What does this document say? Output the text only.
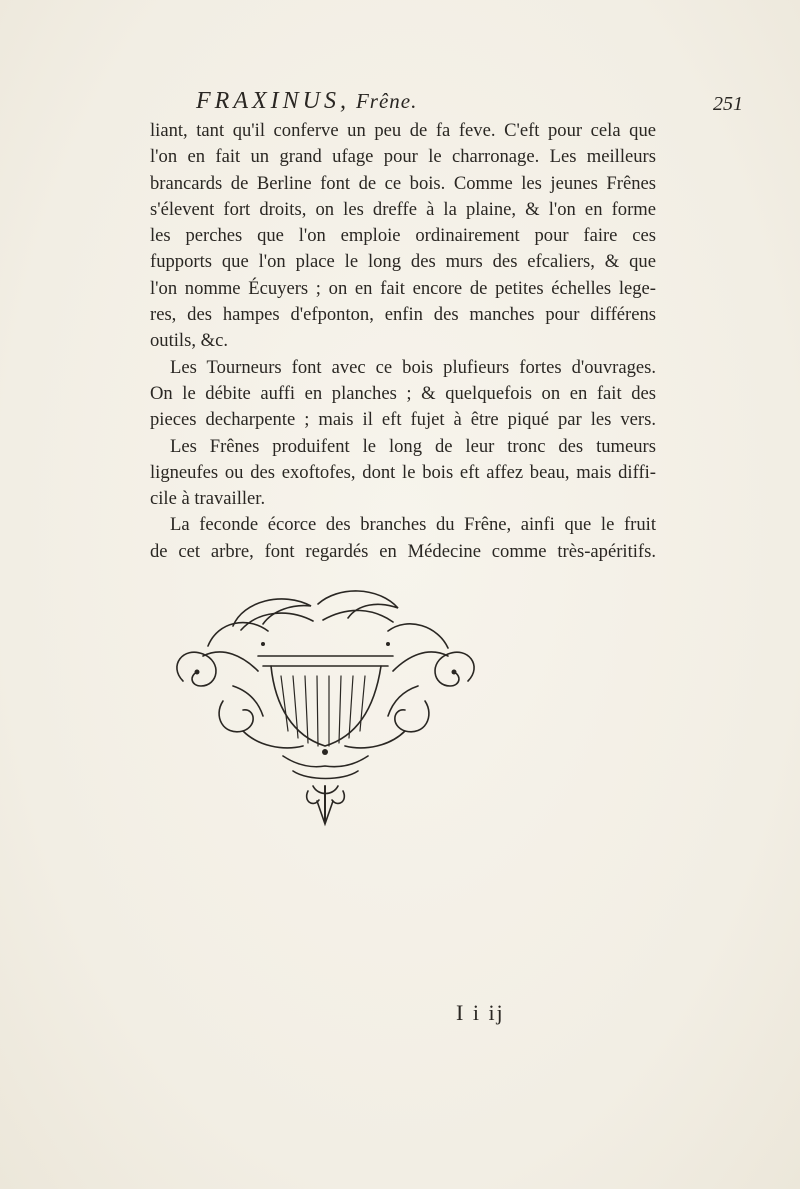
FRAXINUS, Frêne.	251
liant, tant qu'il conferve un peu de fa feve. C'eft pour cela que
l'on en fait un grand ufage pour le charronage. Les meilleurs
brancards de Berline font de ce bois. Comme les jeunes Frênes
s'élevent fort droits, on les dreffe à la plaine, & l'on en forme
les perches que l'on emploie ordinairement pour faire ces
fupports que l'on place le long des murs des efcaliers, & que
l'on nomme Écuyers ; on en fait encore de petites échelles lege-
res, des hampes d'efponton, enfin des manches pour différens
outils, &c.
Les Tourneurs font avec ce bois plufieurs fortes d'ouvrages.
On le débite auffi en planches ; & quelquefois on en fait des
pieces decharpente ; mais il eft fujet à être piqué par les vers.
Les Frênes produifent le long de leur tronc des tumeurs
ligneufes ou des exoftofes, dont le bois eft affez beau, mais diffi-
cile à travailler.
La feconde écorce des branches du Frêne, ainfi que le fruit
de cet arbre, font regardés en Médecine comme très-apéritifs.
I i ij
